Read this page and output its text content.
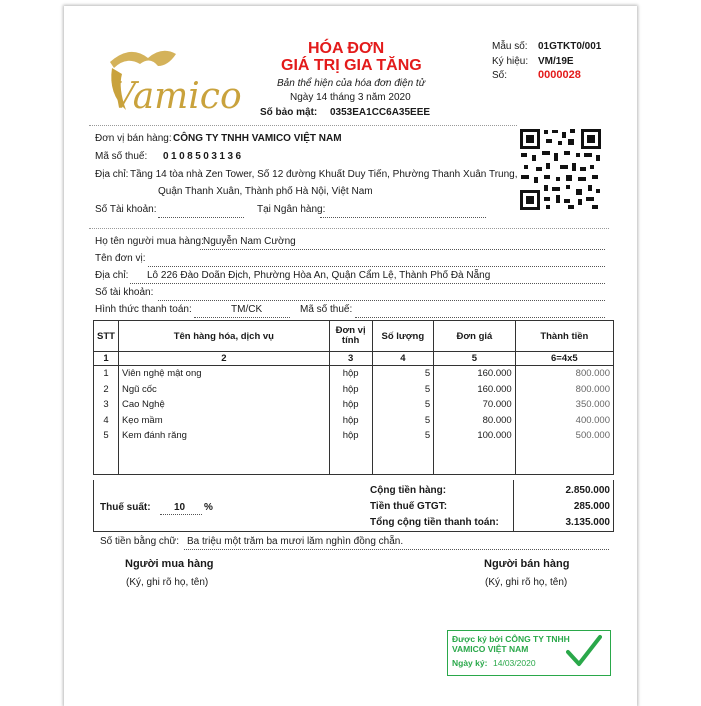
Vamico
HÓA ĐƠN
GIÁ TRỊ GIA TĂNG
Bản thể hiện của hóa đơn điện tử
Ngày 14 tháng 3 năm 2020
Số bảo mật: 0353EA1CC6A35EEE
Mẫu số: 01GTKT0/001
Ký hiệu: VM/19E
Số:	0000028
Đơn vị bán hàng: CÔNG TY TNHH VAMICO VIỆT NAM
Mã số thuế: 0108503136
Địa chỉ: Tầng 14 tòa nhà Zen Tower, Số 12 đường Khuất Duy Tiến, Phường Thanh Xuân Trung,
Quận Thanh Xuân, Thành phố Hà Nội, Việt Nam
Số Tài khoản:	Tại Ngân hàng:
Họ tên người mua hàng: Nguyễn Nam Cường
Tên đơn vị:
Địa chỉ: Lô 226 Đào Doãn Địch, Phường Hòa An, Quận Cẩm Lệ, Thành Phố Đà Nẵng
Số tài khoản:
Hình thức thanh toán:	TM/CK	Mã số thuế:
STT	Tên hàng hóa, dịch vụ	Đơn vị tính	Số lượng	Đơn giá	Thành tiền
1	2	3	4	5	6=4x5
1	Viên nghệ mật ong	hộp	5	160.000	800.000
2	Ngũ cốc	hộp	5	160.000	800.000
3	Cao Nghệ	hộp	5	70.000	350.000
4	Kẹo mầm	hộp	5	80.000	400.000
5	Kem đánh răng	hộp	5	100.000	500.000

Thuế suất: 10 %
Cộng tiền hàng:	2.850.000
Tiền thuế GTGT:	285.000
Tổng cộng tiền thanh toán:	3.135.000
Số tiền bằng chữ: Ba triệu một trăm ba mươi lăm nghìn đồng chẵn.
Người mua hàng
(Ký, ghi rõ họ, tên)
Người bán hàng
(Ký, ghi rõ họ, tên)
Được ký bởi CÔNG TY TNHH
VAMICO VIỆT NAM
Ngày ký: 14/03/2020
